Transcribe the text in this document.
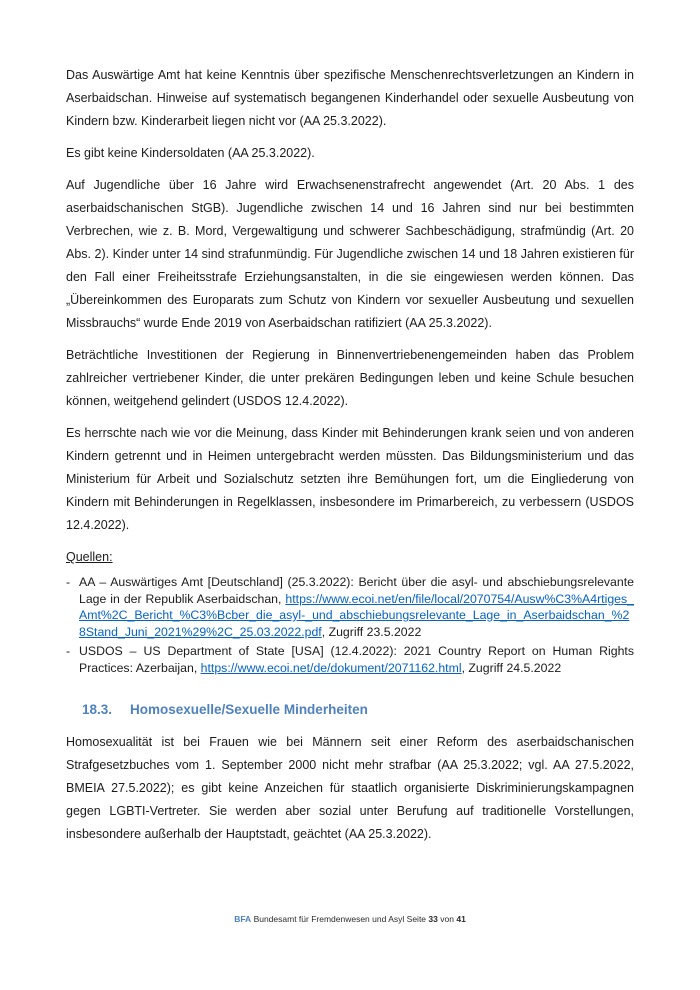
Das Auswärtige Amt hat keine Kenntnis über spezifische Menschenrechtsverletzungen an Kindern in Aserbaidschan. Hinweise auf systematisch begangenen Kinderhandel oder sexuelle Ausbeutung von Kindern bzw. Kinderarbeit liegen nicht vor (AA 25.3.2022).

Es gibt keine Kindersoldaten (AA 25.3.2022).

Auf Jugendliche über 16 Jahre wird Erwachsenenstrafrecht angewendet (Art. 20 Abs. 1 des aserbaidschanischen StGB). Jugendliche zwischen 14 und 16 Jahren sind nur bei bestimmten Verbrechen, wie z. B. Mord, Vergewaltigung und schwerer Sachbeschädigung, strafmündig (Art. 20 Abs. 2). Kinder unter 14 sind strafunmündig. Für Jugendliche zwischen 14 und 18 Jahren existieren für den Fall einer Freiheitsstrafe Erziehungsanstalten, in die sie eingewiesen werden können. Das „Übereinkommen des Europarats zum Schutz von Kindern vor sexueller Ausbeutung und sexuellen Missbrauchs“ wurde Ende 2019 von Aserbaidschan ratifiziert (AA 25.3.2022).

Beträchtliche Investitionen der Regierung in Binnenvertriebenengemeinden haben das Problem zahlreicher vertriebener Kinder, die unter prekären Bedingungen leben und keine Schule besuchen können, weitgehend gelindert (USDOS 12.4.2022).

Es herrschte nach wie vor die Meinung, dass Kinder mit Behinderungen krank seien und von anderen Kindern getrennt und in Heimen untergebracht werden müssten. Das Bildungsministerium und das Ministerium für Arbeit und Sozialschutz setzten ihre Bemühungen fort, um die Eingliederung von Kindern mit Behinderungen in Regelklassen, insbesondere im Primarbereich, zu verbessern (USDOS 12.4.2022).

Quellen:

- AA – Auswärtiges Amt [Deutschland] (25.3.2022): Bericht über die asyl- und abschiebungsrelevante Lage in der Republik Aserbaidschan, https://www.ecoi.net/en/file/local/2070754/Ausw%C3%A4rtiges_Amt%2C_Bericht_%C3%Bcber_die_asyl-_und_abschiebungsrelevante_Lage_in_Aserbaidschan_%28Stand_Juni_2021%29%2C_25.03.2022.pdf, Zugriff 23.5.2022
- USDOS – US Department of State [USA] (12.4.2022): 2021 Country Report on Human Rights Practices: Azerbaijan, https://www.ecoi.net/de/dokument/2071162.html, Zugriff 24.5.2022
18.3.	Homosexuelle/Sexuelle Minderheiten

Homosexualität ist bei Frauen wie bei Männern seit einer Reform des aserbaidschanischen Strafgesetzbuches vom 1. September 2000 nicht mehr strafbar (AA 25.3.2022; vgl. AA 27.5.2022, BMEIA 27.5.2022); es gibt keine Anzeichen für staatlich organisierte Diskriminierungskampagnen gegen LGBTI-Vertreter. Sie werden aber sozial unter Berufung auf traditionelle Vorstellungen, insbesondere außerhalb der Hauptstadt, geächtet (AA 25.3.2022).

BFA Bundesamt für Fremdenwesen und Asyl Seite 33 von 41
